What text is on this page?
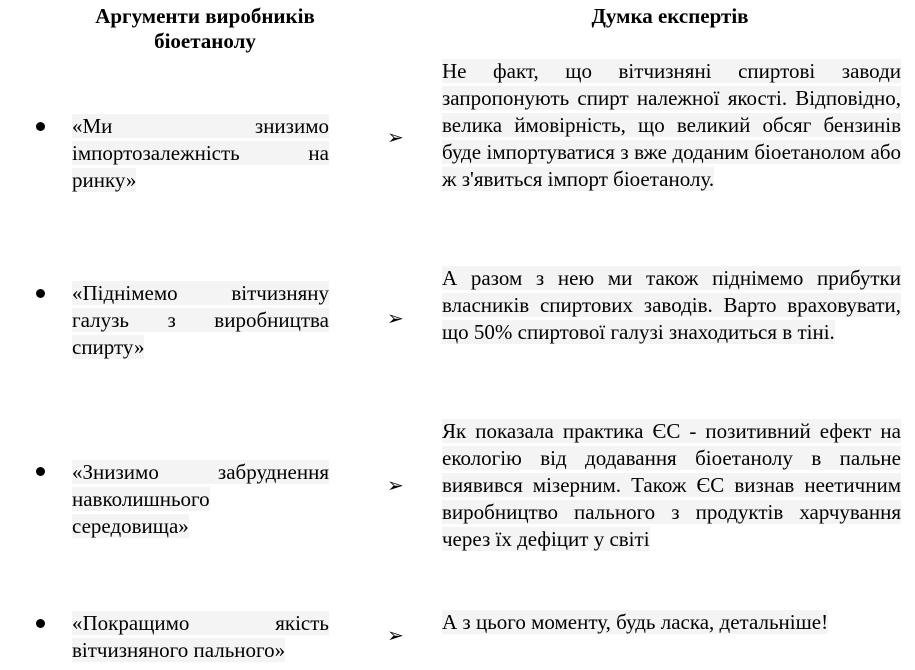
Аргументи виробників біоетанолу
Думка експертів
«Ми знизимо імпортозалежність на ринку»
➢
Не факт, що вітчизняні спиртові заводи запропонують спирт належної якості. Відповідно, велика ймовірність, що великий обсяг бензинів буде імпортуватися з вже доданим біоетанолом або ж з'явиться імпорт біоетанолу.
«Піднімемо вітчизняну галузь з виробництва спирту»
➢
А разом з нею ми також піднімемо прибутки власників спиртових заводів. Варто враховувати, що 50% спиртової галузі знаходиться в тіні.
«Знизимо забруднення навколишнього середовища»
➢
Як показала практика ЄС - позитивний ефект на екологію від додавання біоетанолу в пальне виявився мізерним. Також ЄС визнав неетичним виробництво пального з продуктів харчування через їх дефіцит у світі
«Покращимо якість вітчизняного пального»
➢
А з цього моменту, будь ласка, детальніше!
